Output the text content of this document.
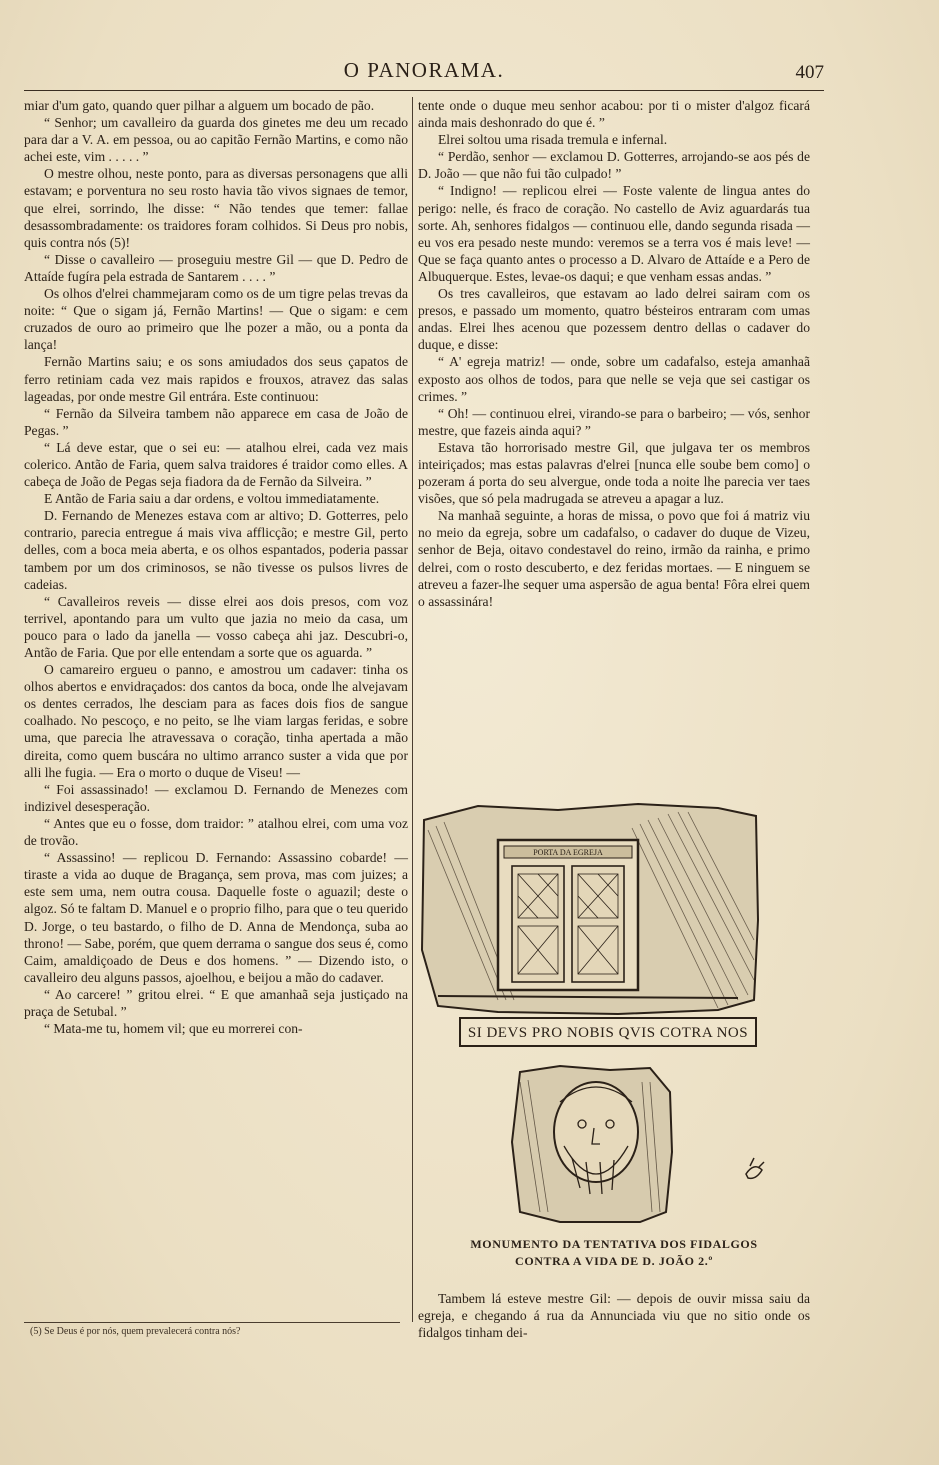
O PANORAMA.	407

miar d'um gato, quando quer pilhar a alguem um bocado de pão.

“ Senhor; um cavalleiro da guarda dos ginetes me deu um recado para dar a V. A. em pessoa, ou ao capitão Fernão Martins, e como não achei este, vim . . . . . ”

O mestre olhou, neste ponto, para as diversas personagens que alli estavam; e porventura no seu rosto havia tão vivos signaes de temor, que elrei, sorrindo, lhe disse: “ Não tendes que temer: fallae desassombradamente: os traidores foram colhidos. Si Deus pro nobis, quis contra nós (5)!

“ Disse o cavalleiro — proseguiu mestre Gil — que D. Pedro de Attaíde fugíra pela estrada de Santarem . . . . ”

Os olhos d'elrei chammejaram como os de um tigre pelas trevas da noite: “ Que o sigam já, Fernão Martins! — Que o sigam: e cem cruzados de ouro ao primeiro que lhe pozer a mão, ou a ponta da lança!

Fernão Martins saiu; e os sons amiudados dos seus çapatos de ferro retiniam cada vez mais rapidos e frouxos, atravez das salas lageadas, por onde mestre Gil entrára. Este continuou:

“ Fernão da Silveira tambem não apparece em casa de João de Pegas. ”

“ Lá deve estar, que o sei eu: — atalhou elrei, cada vez mais colerico. Antão de Faria, quem salva traidores é traidor como elles. A cabeça de João de Pegas seja fiadora da de Fernão da Silveira. ”

E Antão de Faria saiu a dar ordens, e voltou immediatamente.

D. Fernando de Menezes estava com ar altivo; D. Gotterres, pelo contrario, parecia entregue á mais viva afflicção; e mestre Gil, perto delles, com a boca meia aberta, e os olhos espantados, poderia passar tambem por um dos criminosos, se não tivesse os pulsos livres de cadeias.

“ Cavalleiros reveis — disse elrei aos dois presos, com voz terrivel, apontando para um vulto que jazia no meio da casa, um pouco para o lado da janella — vosso cabeça ahi jaz. Descubri-o, Antão de Faria. Que por elle entendam a sorte que os aguarda. ”

O camareiro ergueu o panno, e amostrou um cadaver: tinha os olhos abertos e envidraçados: dos cantos da boca, onde lhe alvejavam os dentes cerrados, lhe desciam para as faces dois fios de sangue coalhado. No pescoço, e no peito, se lhe viam largas feridas, e sobre uma, que parecia lhe atravessava o coração, tinha apertada a mão direita, como quem buscára no ultimo arranco suster a vida que por alli lhe fugia. — Era o morto o duque de Viseu! —

“ Foi assassinado! — exclamou D. Fernando de Menezes com indizivel desesperação.

“ Antes que eu o fosse, dom traidor: ” atalhou elrei, com uma voz de trovão.

“ Assassino! — replicou D. Fernando: Assassino cobarde! — tiraste a vida ao duque de Bragança, sem prova, mas com juizes; a este sem uma, nem outra cousa. Daquelle foste o aguazil; deste o algoz. Só te faltam D. Manuel e o proprio filho, para que o teu querido D. Jorge, o teu bastardo, o filho de D. Anna de Mendonça, suba ao throno! — Sabe, porém, que quem derrama o sangue dos seus é, como Caim, amaldiçoado de Deus e dos homens. ” — Dizendo isto, o cavalleiro deu alguns passos, ajoelhou, e beijou a mão do cadaver.

“ Ao carcere! ” gritou elrei. “ E que amanhaã seja justiçado na praça de Setubal. ”

“ Mata-me tu, homem vil; que eu morrerei con-

(5) Se Deus é por nós, quem prevalecerá contra nós?

tente onde o duque meu senhor acabou: por ti o mister d'algoz ficará ainda mais deshonrado do que é. ”

Elrei soltou uma risada tremula e infernal.

“ Perdão, senhor — exclamou D. Gotterres, arrojando-se aos pés de D. João — que não fui tão culpado! ”

“ Indigno! — replicou elrei — Foste valente de lingua antes do perigo: nelle, és fraco de coração. No castello de Aviz aguardarás tua sorte. Ah, senhores fidalgos — continuou elle, dando segunda risada — eu vos era pesado neste mundo: veremos se a terra vos é mais leve! — Que se faça quanto antes o processo a D. Alvaro de Attaíde e a Pero de Albuquerque. Estes, levae-os daqui; e que venham essas andas. ”

Os tres cavalleiros, que estavam ao lado delrei sairam com os presos, e passado um momento, quatro bésteiros entraram com umas andas. Elrei lhes acenou que pozessem dentro dellas o cadaver do duque, e disse:

“ A' egreja matriz! — onde, sobre um cadafalso, esteja amanhaã exposto aos olhos de todos, para que nelle se veja que sei castigar os crimes. ”

“ Oh! — continuou elrei, virando-se para o barbeiro; — vós, senhor mestre, que fazeis ainda aqui? ”

Estava tão horrorisado mestre Gil, que julgava ter os membros inteiriçados; mas estas palavras d'elrei [nunca elle soube bem como] o pozeram á porta do seu alvergue, onde toda a noite lhe parecia ver taes visões, que só pela madrugada se atreveu a apagar a luz.

Na manhaã seguinte, a horas de missa, o povo que foi á matriz viu no meio da egreja, sobre um cadafalso, o cadaver do duque de Vizeu, senhor de Beja, oitavo condestavel do reino, irmão da rainha, e primo delrei, com o rosto descuberto, e dez feridas mortaes. — E ninguem se atreveu a fazer-lhe sequer uma aspersão de agua benta! Fôra elrei quem o assassinára!

PORTA DA EGREJA
SI DEVS PRO NOBIS QVIS COTRA NOS
MONUMENTO DA TENTATIVA DOS FIDALGOS
CONTRA A VIDA DE D. JOÃO 2.º

Tambem lá esteve mestre Gil: — depois de ouvir missa saiu da egreja, e chegando á rua da Annunciada viu que no sitio onde os fidalgos tinham dei-
